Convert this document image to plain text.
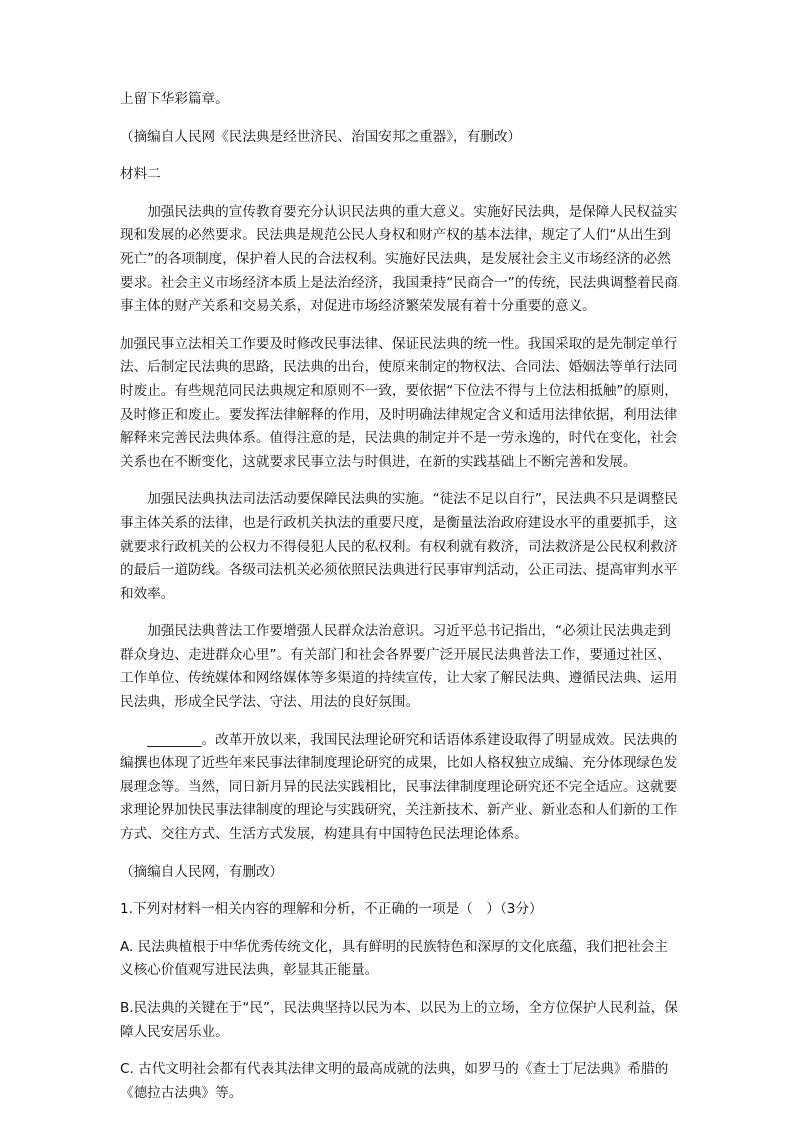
上留下华彩篇章。

（摘编自人民网《民法典是经世济民、治国安邦之重器》，有删改）

材料二

加强民法典的宣传教育要充分认识民法典的重大意义。实施好民法典，是保障人民权益实现和发展的必然要求。民法典是规范公民人身权和财产权的基本法律，规定了人们“从出生到死亡”的各项制度，保护着人民的合法权利。实施好民法典，是发展社会主义市场经济的必然要求。社会主义市场经济本质上是法治经济，我国秉持“民商合一”的传统，民法典调整着民商事主体的财产关系和交易关系，对促进市场经济繁荣发展有着十分重要的意义。

加强民事立法相关工作要及时修改民事法律、保证民法典的统一性。我国采取的是先制定单行法、后制定民法典的思路，民法典的出台，使原来制定的物权法、合同法、婚姻法等单行法同时废止。有些规范同民法典规定和原则不一致，要依据“下位法不得与上位法相抵触”的原则，及时修正和废止。要发挥法律解释的作用，及时明确法律规定含义和适用法律依据，利用法律解释来完善民法典体系。值得注意的是，民法典的制定并不是一劳永逸的，时代在变化，社会关系也在不断变化，这就要求民事立法与时俱进，在新的实践基础上不断完善和发展。

加强民法典执法司法活动要保障民法典的实施。“徒法不足以自行”，民法典不只是调整民事主体关系的法律，也是行政机关执法的重要尺度，是衡量法治政府建设水平的重要抓手，这就要求行政机关的公权力不得侵犯人民的私权利。有权利就有救济，司法救济是公民权利救济的最后一道防线。各级司法机关必须依照民法典进行民事审判活动，公正司法、提高审判水平和效率。

加强民法典普法工作要增强人民群众法治意识。习近平总书记指出，“必须让民法典走到群众身边、走进群众心里”。有关部门和社会各界要广泛开展民法典普法工作，要通过社区、工作单位、传统媒体和网络媒体等多渠道的持续宣传，让大家了解民法典、遵循民法典、运用民法典，形成全民学法、守法、用法的良好氛围。

________。改革开放以来，我国民法理论研究和话语体系建设取得了明显成效。民法典的编撰也体现了近些年来民事法律制度理论研究的成果，比如人格权独立成编、充分体现绿色发展理念等。当然，同日新月异的民法实践相比，民事法律制度理论研究还不完全适应。这就要求理论界加快民事法律制度的理论与实践研究，关注新技术、新产业、新业态和人们新的工作方式、交往方式、生活方式发展，构建具有中国特色民法理论体系。

（摘编自人民网，有删改）

1.下列对材料一相关内容的理解和分析，不正确的一项是（　）（3分）

A. 民法典植根于中华优秀传统文化，具有鲜明的民族特色和深厚的文化底蕴，我们把社会主义核心价值观写进民法典，彰显其正能量。

B.民法典的关键在于“民”，民法典坚持以民为本、以民为上的立场，全方位保护人民利益，保障人民安居乐业。

C. 古代文明社会都有代表其法律文明的最高成就的法典，如罗马的《查士丁尼法典》希腊的《德拉古法典》等。
